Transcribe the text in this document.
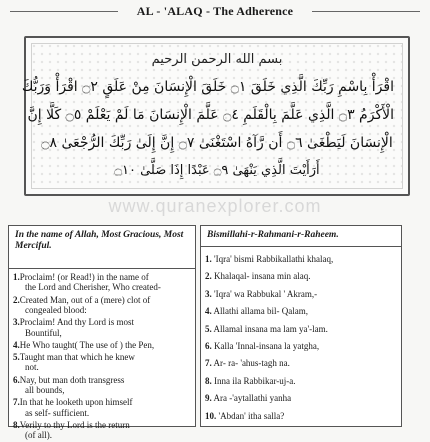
AL - 'ALAQ - The Adherence
بسم الله الرحمن الرحيم
اقْرَأْ بِاسْمِ رَبِّكَ الَّذِي خَلَقَ ۝١ خَلَقَ الْإِنسَانَ مِنْ عَلَقٍ ۝٢ اقْرَأْ وَرَبُّكَ
الْأَكْرَمُ ۝٣ الَّذِي عَلَّمَ بِالْقَلَمِ ۝٤ عَلَّمَ الْإِنسَانَ مَا لَمْ يَعْلَمْ ۝٥ كَلَّا إِنَّ
الْإِنسَانَ لَيَطْغَىٰ ۝٦ أَن رَّآهُ اسْتَغْنَىٰ ۝٧ إِنَّ إِلَىٰ رَبِّكَ الرُّجْعَىٰ ۝٨
أَرَأَيْتَ الَّذِي يَنْهَىٰ ۝٩ عَبْدًا إِذَا صَلَّىٰ ۝١٠
www.quranexplorer.com
In the name of Allah, Most Gracious, Most Merciful.
1.Proclaim! (or Read!) in the name of
the Lord and Cherisher, Who created-
2.Created Man, out of a (mere) clot of
congealed blood:
3.Proclaim! And thy Lord is most
Bountiful,
4.He Who taught( The use of ) the Pen,
5.Taught man that which he knew
not.
6.Nay, but man doth transgress
all bounds,
7.In that he looketh upon himself
as self- sufficient.
8.Verily to thy Lord is the return
(of all).
Bismillahi-r-Rahmani-r-Raheem.
1. 'Iqra' bismi Rabbikallathi khalaq,
2. Khalaqal- insana min alaq.
3. 'Iqra' wa Rabbukal ' Akram,-
4. Allathi allama bil- Qalam,
5. Allamal insana ma lam ya'-lam.
6. Kalla 'Innal-insana la yatgha,
7. Ar- ra- 'ahus-tagh na.
8. Inna ila Rabbikar-uj-a.
9. Ara -'aytallathi yanha
10. 'Abdan' itha salla?
